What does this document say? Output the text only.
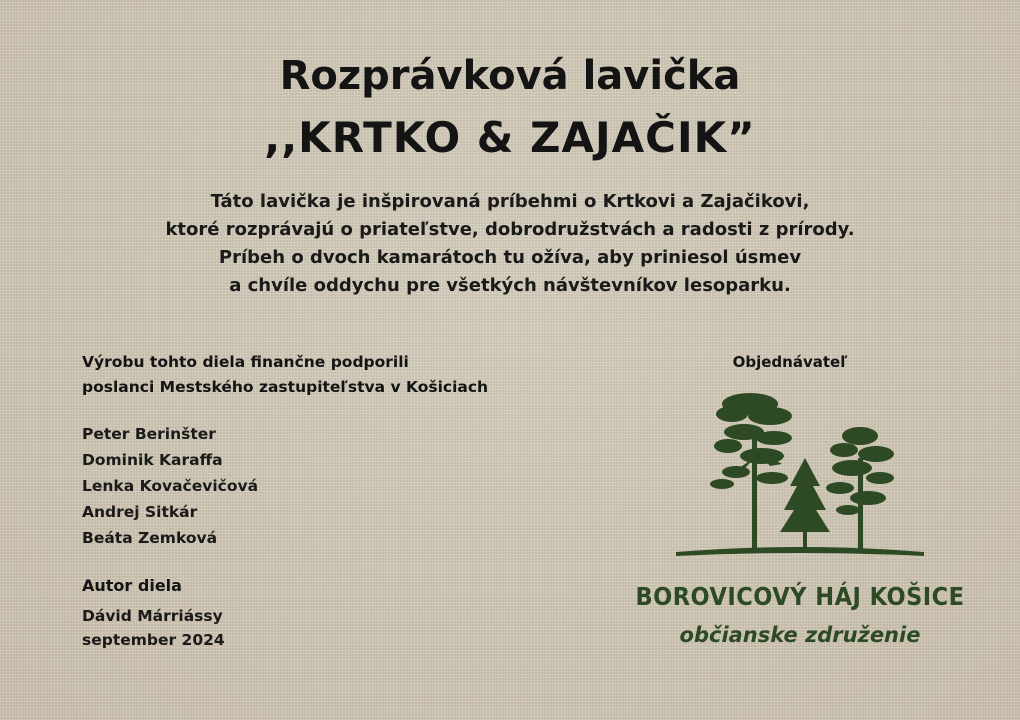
Rozprávková lavička
,,KRTKO & ZAJAČIK”

Táto lavička je inšpirovaná príbehmi o Krtkovi a Zajačikovi,
ktoré rozprávajú o priateľstve, dobrodružstvách a radosti z prírody.
Príbeh o dvoch kamarátoch tu ožíva, aby priniesol úsmev
a chvíle oddychu pre všetkých návštevníkov lesoparku.

Výrobu tohto diela finančne podporili
poslanci Mestského zastupiteľstva v Košiciach
Peter Berinšter
Dominik Karaffa
Lenka Kovačevičová
Andrej Sitkár
Beáta Zemková
Autor diela
Dávid Márriássy
september 2024
Objednávateľ
BOROVICOVÝ HÁJ KOŠICE
občianske združenie
